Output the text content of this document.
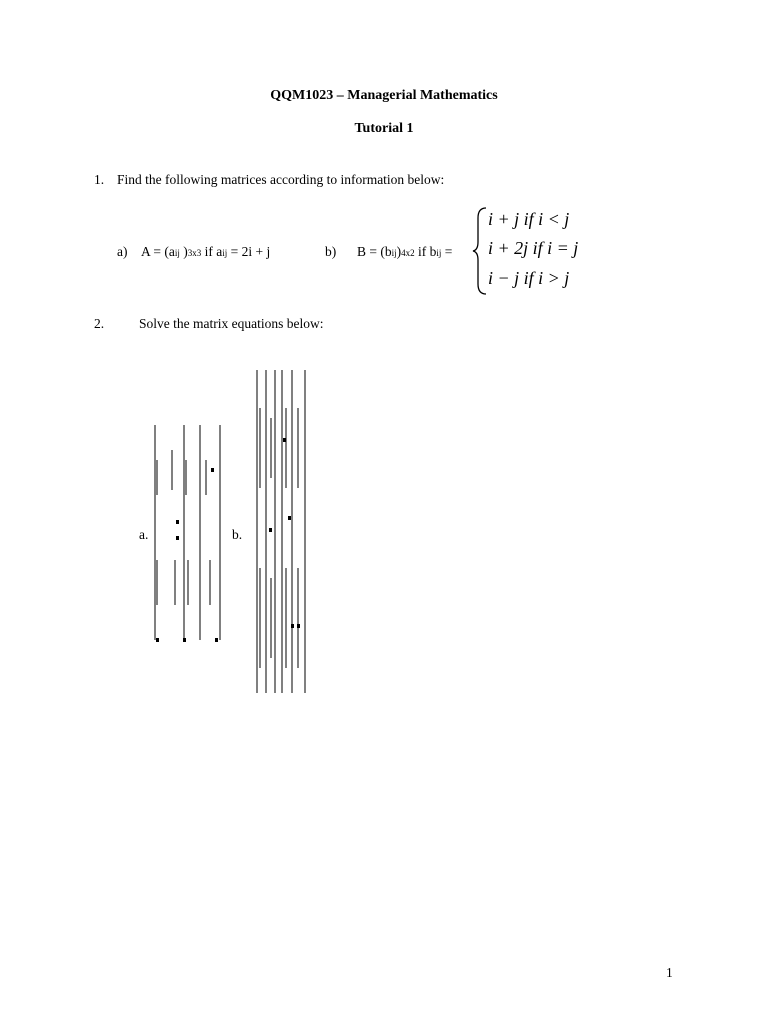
QQM1023 – Managerial Mathematics
Tutorial 1
1. Find the following matrices according to information below:
a) A = (aij )3x3 if aij = 2i + j	b) B = (bij)4x2 if bij =
i + j if i < j
i + 2j if i = j
i − j if i > j
2.	Solve the matrix equations below:
a.	b.
1
